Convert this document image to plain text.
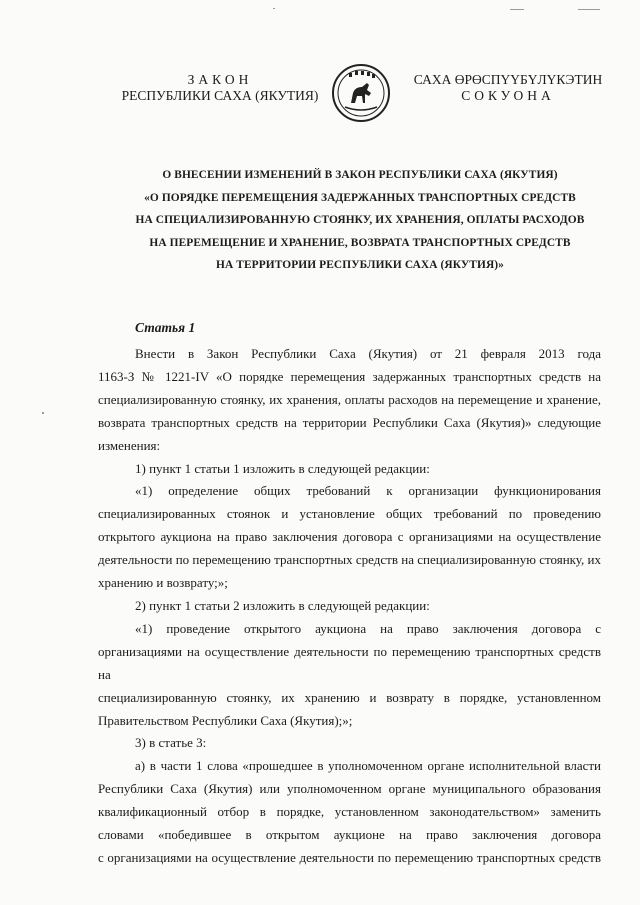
ЗАКОН
РЕСПУБЛИКИ САХА (ЯКУТИЯ)
САХА ӨРӨСПҮҮБҮЛҮКЭТИН
СОКУОНА
О ВНЕСЕНИИ ИЗМЕНЕНИЙ В ЗАКОН РЕСПУБЛИКИ САХА (ЯКУТИЯ)
«О ПОРЯДКЕ ПЕРЕМЕЩЕНИЯ ЗАДЕРЖАННЫХ ТРАНСПОРТНЫХ СРЕДСТВ
НА СПЕЦИАЛИЗИРОВАННУЮ СТОЯНКУ, ИХ ХРАНЕНИЯ, ОПЛАТЫ РАСХОДОВ
НА ПЕРЕМЕЩЕНИЕ И ХРАНЕНИЕ, ВОЗВРАТА ТРАНСПОРТНЫХ СРЕДСТВ
НА ТЕРРИТОРИИ РЕСПУБЛИКИ САХА (ЯКУТИЯ)»
Статья 1

Внести в Закон Республики Саха (Якутия) от 21 февраля 2013 года

1163-З № 1221-IV «О порядке перемещения задержанных транспортных средств на

специализированную стоянку, их хранения, оплаты расходов на перемещение и хранение,

возврата транспортных средств на территории Республики Саха (Якутия)» следующие

изменения:

1) пункт 1 статьи 1 изложить в следующей редакции:

«1) определение общих требований к организации функционирования

специализированных стоянок и установление общих требований по проведению

открытого аукциона на право заключения договора с организациями на осуществление

деятельности по перемещению транспортных средств на специализированную стоянку, их

хранению и возврату;»;

2) пункт 1 статьи 2 изложить в следующей редакции:

«1) проведение открытого аукциона на право заключения договора с

организациями на осуществление деятельности по перемещению транспортных средств на

специализированную стоянку, их хранению и возврату в порядке, установленном

Правительством Республики Саха (Якутия);»;

3) в статье 3:

а) в части 1 слова «прошедшее в уполномоченном органе исполнительной власти

Республики Саха (Якутия) или уполномоченном органе муниципального образования

квалификационный отбор в порядке, установленном законодательством» заменить

словами «победившее в открытом аукционе на право заключения договора

с организациями на осуществление деятельности по перемещению транспортных средств
